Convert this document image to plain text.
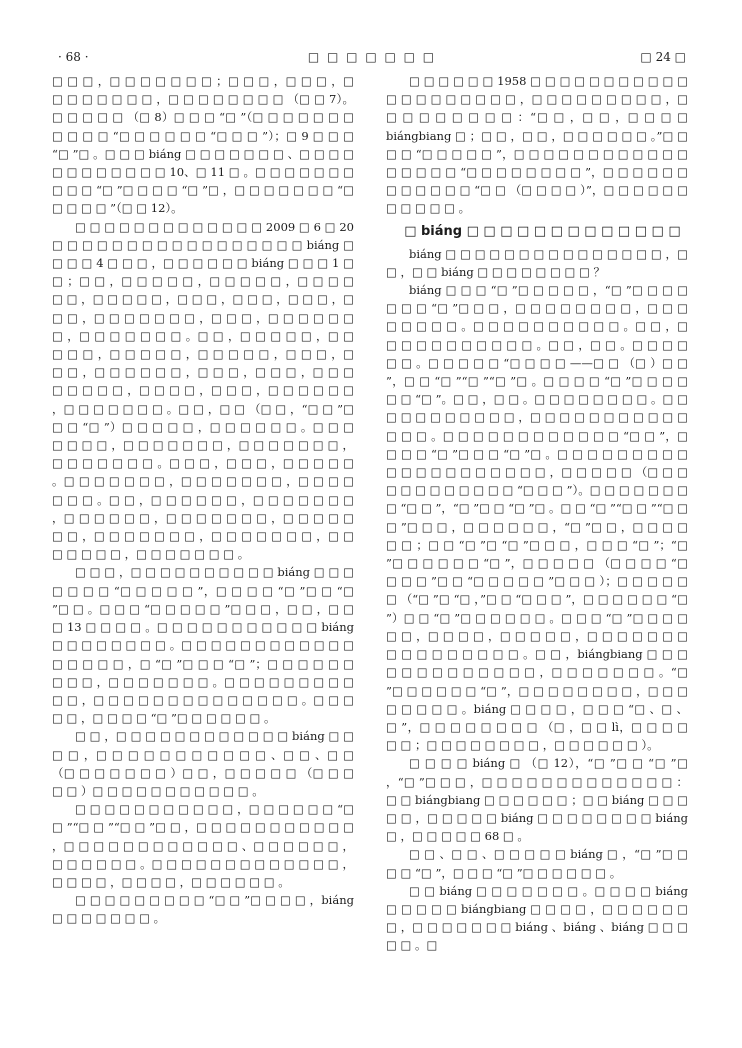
· 68 ·	□ □ □ □ □ □ □	□ 24 □

□ □ □ ，□ □ □ □ □ □ □ ；□ □ □ ，□ □ □ ，□ □ □ □ □ □ □ □ ，□ □ □ □ □ □ □ □ （□ □ 7）。□ □ □ □ □ （□ 8）□ □ □ “□ ”（□ □ □ □ □ □ □ □ □ □ □ “□ □ □ □ □ □ “□ □ □ ”）；□ 9 □ □ □ “□ ”□ 。□ □ □ biáng □ □ □ □ □ □ □ 、□ □ □ □ □ □ □ □ □ □ □ □ 10、□ 11 □ 。□ □ □ □ □ □ □ □ □ □ “□ ”□ □ □ □ “□ ”□ ，□ □ □ □ □ □ □ “□ □ □ □ □ ”（□ □ 12）。

□ □ □ □ □ □ □ □ □ □ □ □ □ 2009 □ 6 □ 20 □ □ □ □ □ □ □ □ □ □ □ □ □ □ □ □ □ biáng □ □ □ □ 4 □ □ □ ，□ □ □ □ □ □ biáng □ □ □ 1 □ □ ；□ □ ，□ □ □ □ □ ，□ □ □ □ □ ，□ □ □ □ □ □ ，□ □ □ □ □ ，□ □ □ ，□ □ □ ，□ □ □ ，□ □ □ ，□ □ □ □ □ □ □ ，□ □ □ ，□ □ □ □ □ □ □ ，□ □ □ □ □ □ □ 。□ □ ，□ □ □ □ □ ，□ □ □ □ □ ，□ □ □ □ □ ，□ □ □ □ □ ，□ □ □ ，□ □ □ ，□ □ □ □ □ □ ，□ □ □ ，□ □ □ ，□ □ □ □ □ □ □ □ ，□ □ □ □ ，□ □ □ ，□ □ □ □ □ □ ，□ □ □ □ □ □ □ 。□ □ ，□ □ （□ □ ，“□ □ ”□ □ □ “□ ”）□ □ □ □ □ ，□ □ □ □ □ □ 。□ □ □ □ □ □ □ ，□ □ □ □ □ □ □ ，□ □ □ □ □ □ □ ，□ □ □ □ □ □ □ 。□ □ □ ，□ □ □ ，□ □ □ □ □ 。□ □ □ □ □ □ □ ，□ □ □ □ □ □ □ ，□ □ □ □ □ □ □ 。□ □ ，□ □ □ □ □ □ ，□ □ □ □ □ □ □ ，□ □ □ □ □ □ ，□ □ □ □ □ □ □ ，□ □ □ □ □ □ □ ，□ □ □ □ □ □ □ ，□ □ □ □ □ □ □ ，□ □ □ □ □ □ □ ，□ □ □ □ □ □ □ 。

□ □ □ ，□ □ □ □ □ □ □ □ □ □ biáng □ □ □ □ □ □ □ “□ □ □ □ □ ”，□ □ □ □ “□ ”□ □ “□ ”□ □ 。□ □ □ “□ □ □ □ □ ”□ □ □ ，□ □ ，□ □ □ 13 □ □ □ □ 。□ □ □ □ □ □ □ □ □ □ □ biáng □ □ □ □ □ □ □ □ 。□ □ □ □ □ □ □ □ □ □ □ □ □ □ □ □ □ ，□ “□ ”□ □ □ “□ ”；□ □ □ □ □ □ □ □ □ ，□ □ □ □ □ □ □ 。□ □ □ □ □ □ □ □ □ □ □ ，□ □ □ □ □ □ □ □ □ □ □ □ □ □ 。□ □ □ □ □ ，□ □ □ □ “□ ”□ □ □ □ □ □ 。

□ □ ，□ □ □ □ □ □ □ □ □ □ □ □ biáng □ □ □ □ ，□ □ □ □ □ □ □ □ □ □ □ 、□ □ 、□ □ （□ □ □ □ □ □ □ ）□ □ ，□ □ □ □ □ （□ □ □ □ □ ）□ □ □ □ □ □ □ □ □ □ □ 。

□ □ □ □ □ □ □ □ □ □ □ ，□ □ □ □ □ □ “□ □ ”“□ □ ”“□ □ ”□ □ ，□ □ □ □ □ □ □ □ □ □ □ ，□ □ □ □ □ □ □ □ □ □ □ □ 、□ □ □ □ □ □ ，□ □ □ □ □ □ 。□ □ □ □ □ □ □ □ □ □ □ □ □ ，□ □ □ □ ，□ □ □ □ ，□ □ □ □ □ □ 。

□ □ □ □ □ □ □ □ □ “□ □ ”□ □ □ □ ，biáng □ □ □ □ □ □ □ 。

□ □ □ □ □ □ 1958 □ □ □ □ □ □ □ □ □ □ □ □ □ □ □ □ □ □ □ □ ，□ □ □ □ □ □ □ □ □ ，□ □ □ □ □ □ □ □ □ ：“□ □ ，□ □ ，□ □ □ □ biángbiang □ ；□ □ ，□ □ ，□ □ □ □ □ □ 。”□ □ □ □ “□ □ □ □ □ ”，□ □ □ □ □ □ □ □ □ □ □ □ □ □ □ □ □ “□ □ □ □ □ □ □ □ ”，□ □ □ □ □ □ □ □ □ □ □ □ “□ □ （□ □ □ □ ）”，□ □ □ □ □ □ □ □ □ □ □ 。

□ biáng □ □ □ □ □ □ □ □ □ □ □ □ □

biáng □ □ □ □ □ □ □ □ □ □ □ □ □ □ □ ，□ □ ，□ □ biáng □ □ □ □ □ □ □ □ ？

biáng □ □ □ “□ ”□ □ □ □ □ ，“□ ”□ □ □ □ □ □ □ “□ ”□ □ □ ，□ □ □ □ □ □ □ □ ，□ □ □ □ □ □ □ □ 。□ □ □ □ □ □ □ □ □ □ 。□ □ ，□ □ □ □ □ □ □ □ □ □ □ 。□ □ ，□ □ 。□ □ □ □ □ □ 。□ □ □ □ □ “□ □ □ □ ——□ □ （□ ）□ □ ”，□ □ “□ ”“□ ”“□ ”□ 。□ □ □ □ “□ ”□ □ □ □ □ □ “□ ”。□ □ ，□ □ 。□ □ □ □ □ □ □ □ 。□ □ □ □ □ □ □ □ □ □ □ ，□ □ □ □ □ □ □ □ □ □ □ □ □ □ 。□ □ □ □ □ □ □ □ □ □ □ □ “□ □ ”，□ □ □ □ “□ ”□ □ □ “□ ”□ 。□ □ □ □ □ □ □ □ □ □ □ □ □ □ □ □ □ □ □ □ ，□ □ □ □ □ （□ □ □ □ □ □ □ □ □ □ □ □ “□ □ □ ”）。□ □ □ □ □ □ □ □ “□ □ ”，“□ ”□ □ “□ ”□ 。□ □ “□ ”“□ □ ”“□ □ □ ”□ □ □ ，□ □ □ □ □ □ ，“□ ”□ □ ，□ □ □ □ □ □ ；□ □ “□ ”□ “□ ”□ □ □ ，□ □ □ “□ ”；“□ ”□ □ □ □ □ □ “□ ”，□ □ □ □ □ （□ □ □ □ “□ □ □ □ ”□ □ “□ □ □ □ □ ”□ □ □ ）；□ □ □ □ □ □ （“□ ”□ “□ ，”□ □ “□ □ □ ”，□ □ □ □ □ □ “□ ”）□ □ “□ ”□ □ □ □ □ □ 。□ □ □ “□ ”□ □ □ □ □ □ ，□ □ □ □ ，□ □ □ □ □ ，□ □ □ □ □ □ □ □ □ □ □ □ □ □ □ □ 。□ □ ，biángbiang □ □ □ □ □ □ □ □ □ □ □ □ □ ，□ □ □ □ □ □ □ 。“□ ”□ □ □ □ □ □ “□ ”，□ □ □ □ □ □ □ □ ，□ □ □ □ □ □ □ □ 。biáng □ □ □ □ ，□ □ □ “□ 、□ 、□ ”，□ □ □ □ □ □ □ □ （□ ，□ □ lì，□ □ □ □ □ □ ；□ □ □ □ □ □ □ □ ，□ □ □ □ □ □ ）。

□ □ □ □ biáng □ （□ 12），“□ ”□ □ “□ ”□ ，“□ ”□ □ □ ，□ □ □ □ □ □ □ □ □ □ □ □ □ ：□ □ biángbiang □ □ □ □ □ □ ；□ □ biáng □ □ □ □ □ ，□ □ □ □ □ biáng □ □ □ □ □ □ □ □ biáng □ ，□ □ □ □ □ 68 □ 。

□ □ 、□ □ 、□ □ □ □ □ biáng □ ，“□ ”□ □ □ □ “□ ”，□ □ □ “□ ”□ □ □ □ □ □ 。

□ □ biáng □ □ □ □ □ □ □ 。□ □ □ □ biáng □ □ □ □ □ biángbiang □ □ □ □ ，□ □ □ □ □ □ □ ，□ □ □ □ □ □ □ biáng 、biáng 、biáng □ □ □ □ □ 。□
